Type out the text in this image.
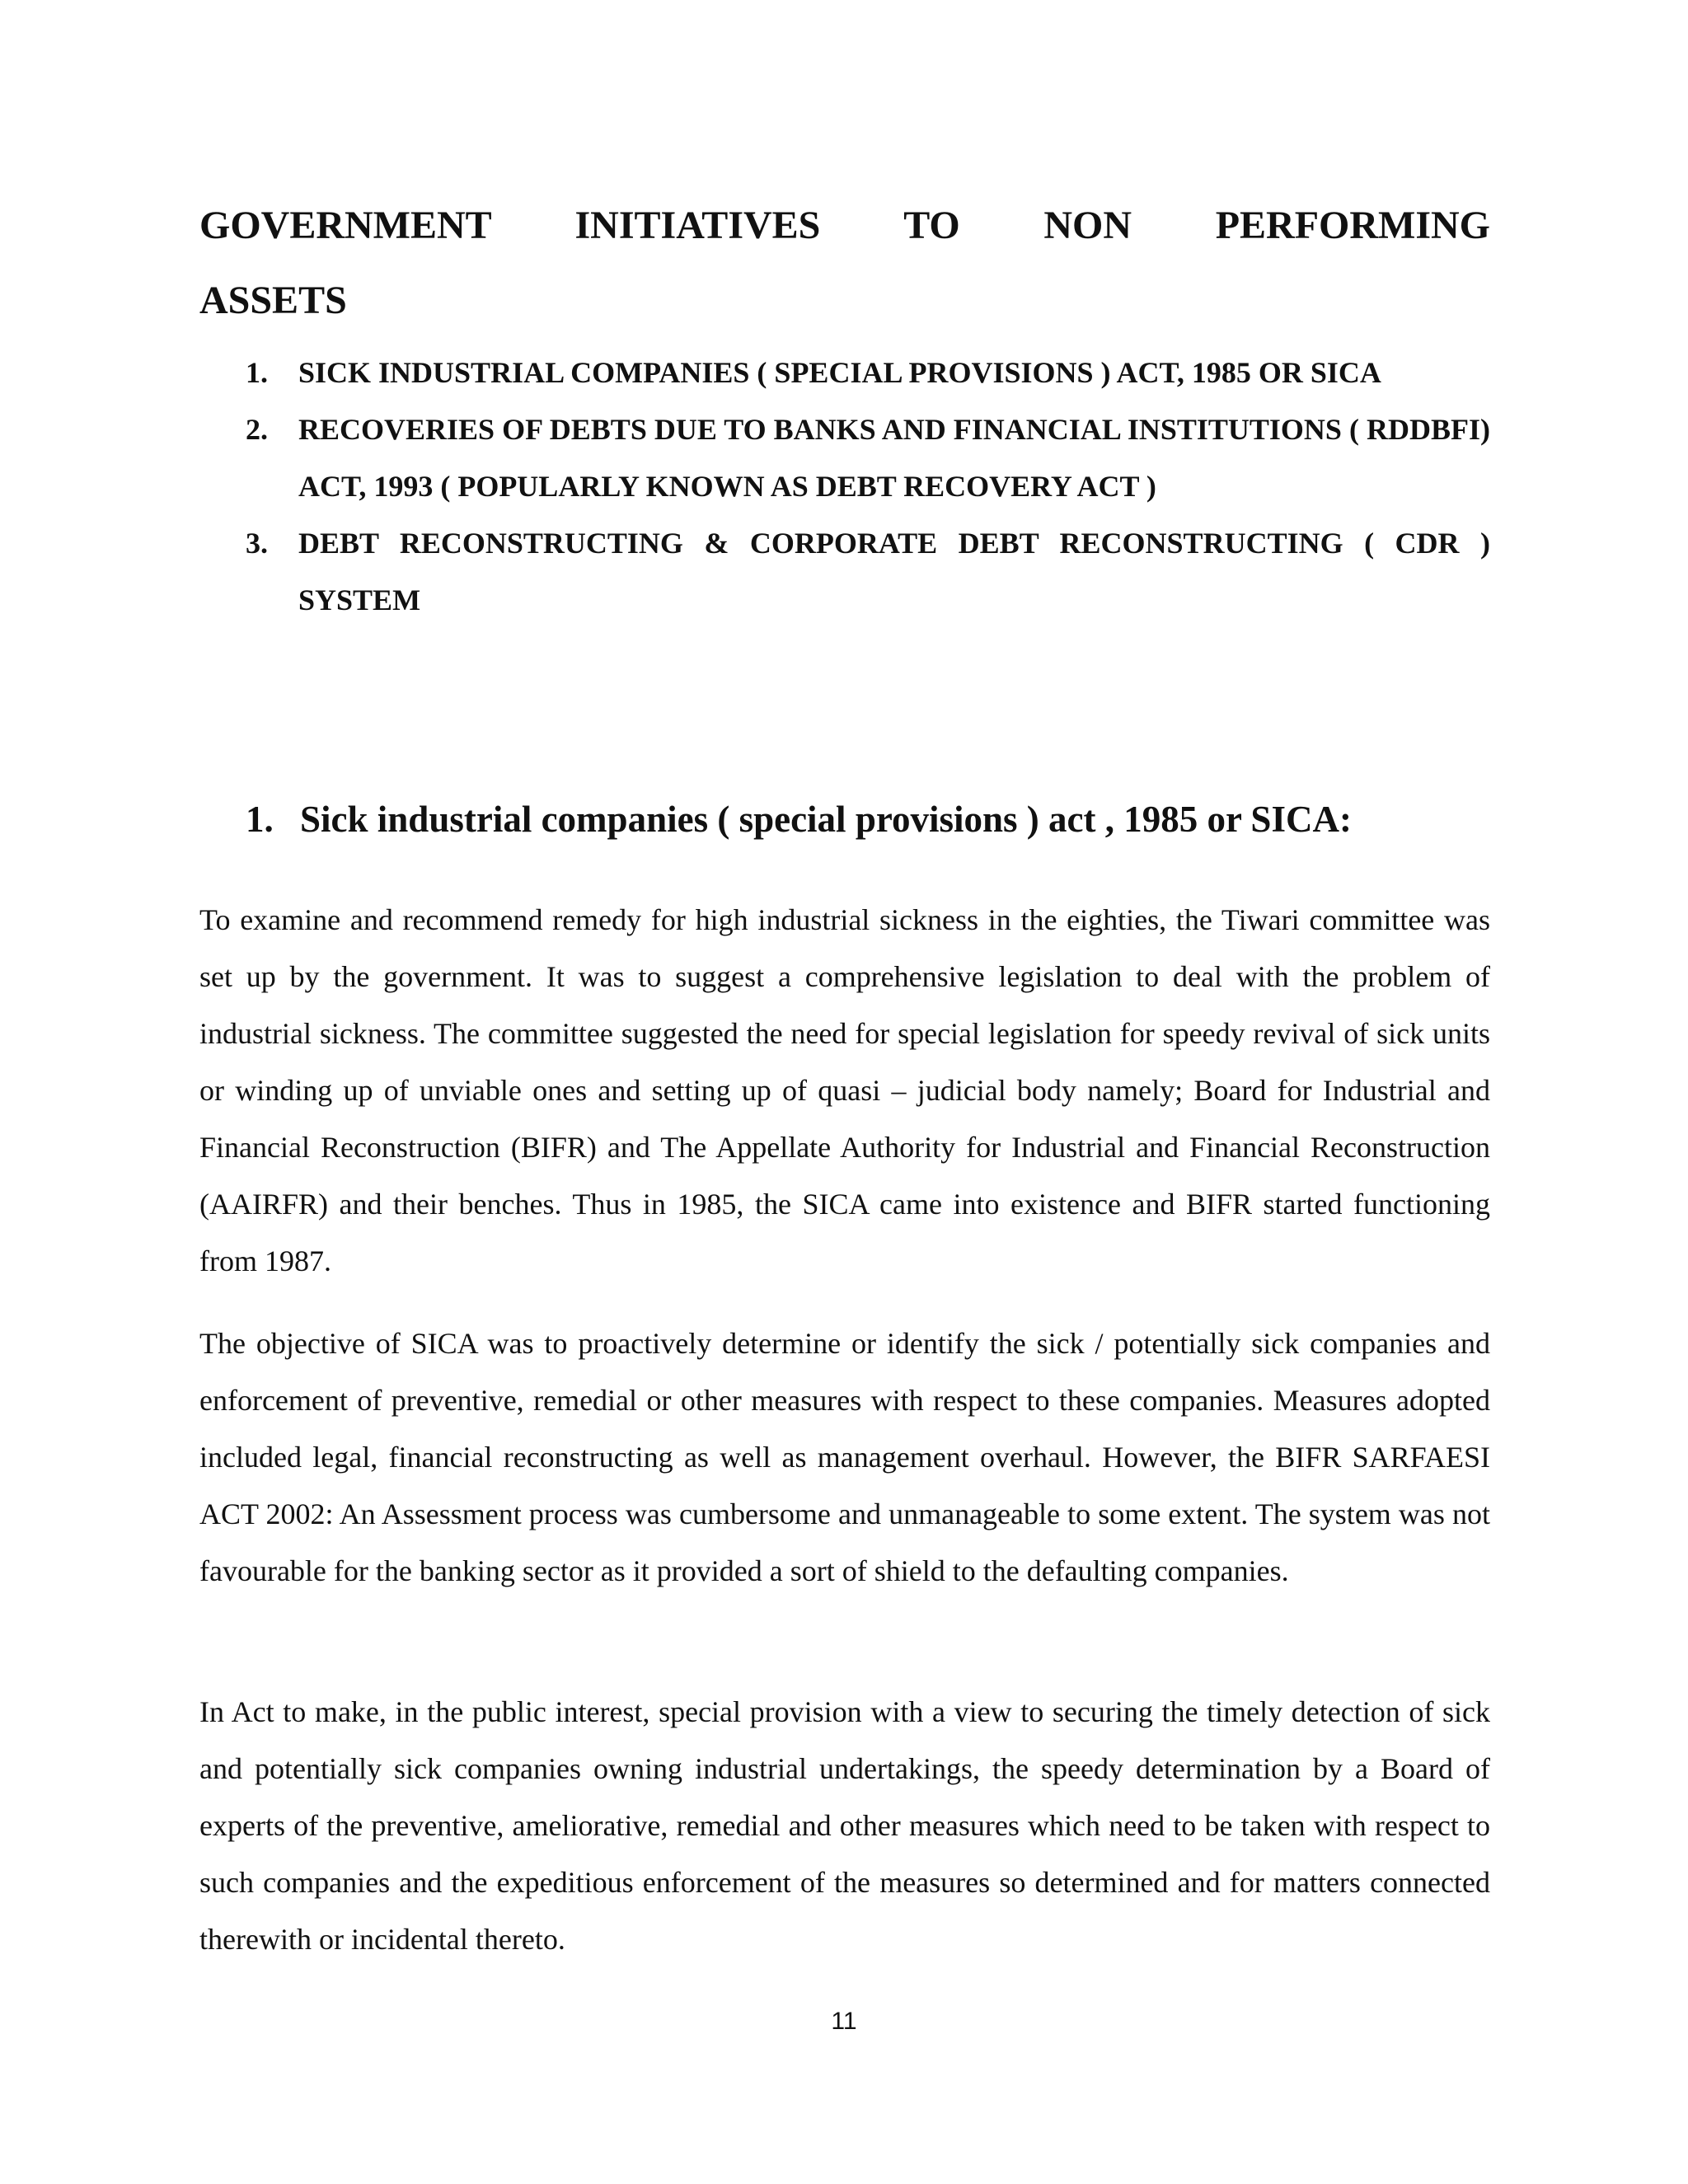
GOVERNMENT INITIATIVES TO NON PERFORMING
ASSETS
1. SICK INDUSTRIAL COMPANIES ( SPECIAL PROVISIONS ) ACT, 1985 OR SICA
2. RECOVERIES OF DEBTS DUE TO BANKS AND FINANCIAL INSTITUTIONS ( RDDBFI) ACT, 1993 ( POPULARLY KNOWN AS DEBT RECOVERY ACT )
3. DEBT RECONSTRUCTING & CORPORATE DEBT RECONSTRUCTING ( CDR ) SYSTEM
1. Sick industrial companies ( special provisions ) act , 1985 or SICA:

To examine and recommend remedy for high industrial sickness in the eighties, the Tiwari committee was set up by the government. It was to suggest a comprehensive legislation to deal with the problem of industrial sickness. The committee suggested the need for special legislation for speedy revival of sick units or winding up of unviable ones and setting up of quasi – judicial body namely; Board for Industrial and Financial Reconstruction (BIFR) and The Appellate Authority for Industrial and Financial Reconstruction (AAIRFR) and their benches. Thus in 1985, the SICA came into existence and BIFR started functioning from 1987.

The objective of SICA was to proactively determine or identify the sick / potentially sick companies and enforcement of preventive, remedial or other measures with respect to these companies. Measures adopted included legal, financial reconstructing as well as management overhaul. However, the BIFR SARFAESI ACT 2002: An Assessment process was cumbersome and unmanageable to some extent. The system was not favourable for the banking sector as it provided a sort of shield to the defaulting companies.

In Act to make, in the public interest, special provision with a view to securing the timely detection of sick and potentially sick companies owning industrial undertakings, the speedy determination by a Board of experts of the preventive, ameliorative, remedial and other measures which need to be taken with respect to such companies and the expeditious enforcement of the measures so determined and for matters connected therewith or incidental thereto.

11
